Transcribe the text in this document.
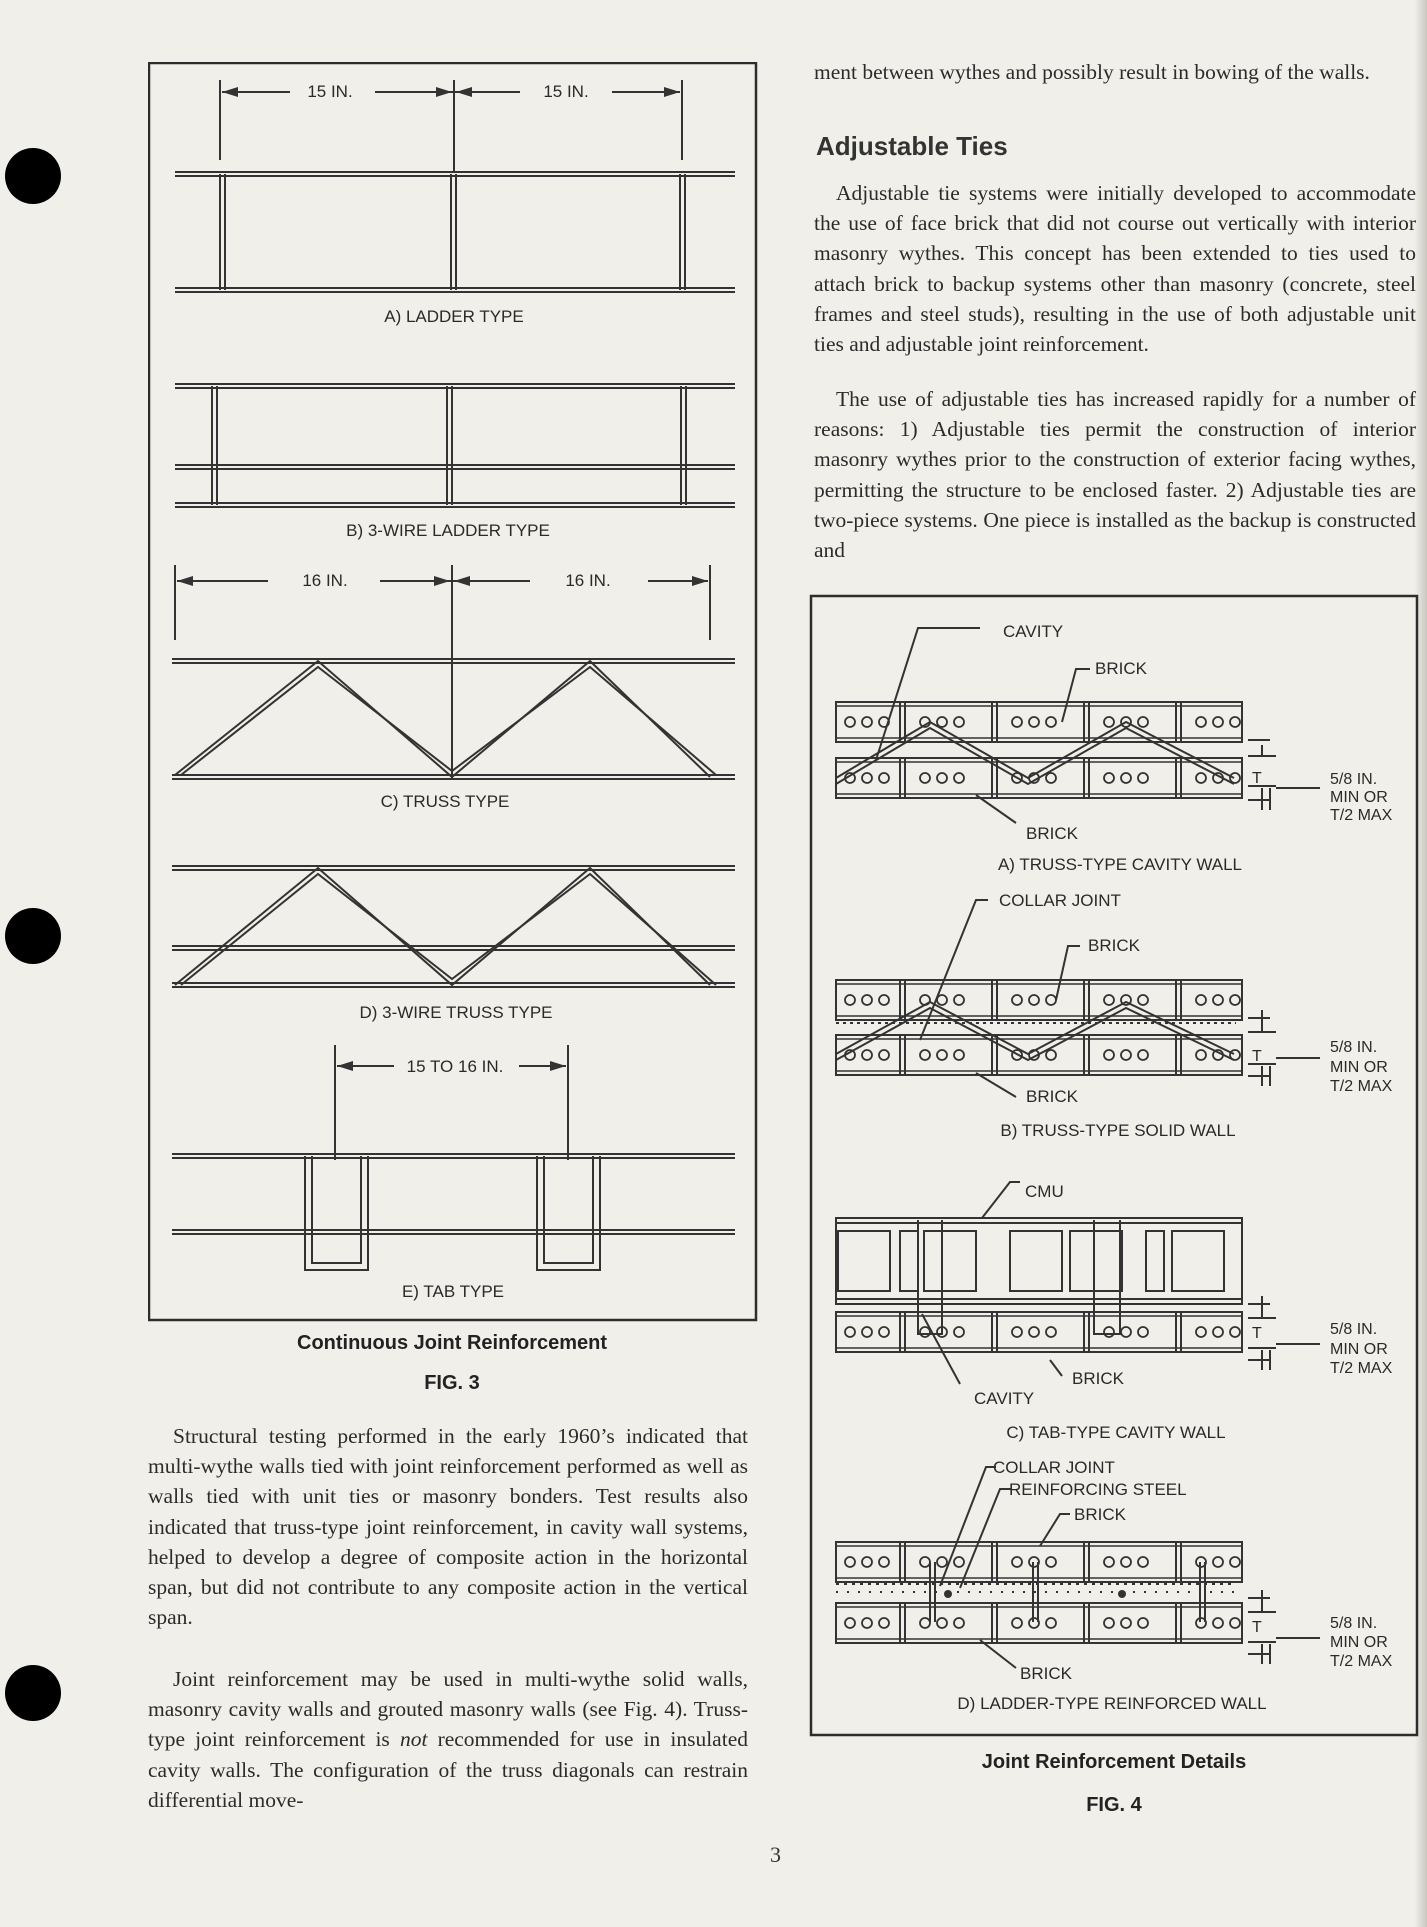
15 IN.	15 IN.
A) LADDER TYPE
B) 3-WIRE LADDER TYPE
16 IN.	16 IN.
C) TRUSS TYPE
D) 3-WIRE TRUSS TYPE
15 TO 16 IN.
E) TAB TYPE
Continuous Joint Reinforcement
FIG. 3

Structural testing performed in the early 1960’s indicated that multi-wythe walls tied with joint reinforcement performed as well as walls tied with unit ties or masonry bonders. Test results also indicated that truss-type joint reinforcement, in cavity wall systems, helped to develop a degree of composite action in the horizontal span, but did not contribute to any composite action in the vertical span.

Joint reinforcement may be used in multi-wythe solid walls, masonry cavity walls and grouted masonry walls (see Fig. 4). Truss-type joint reinforcement is not recommended for use in insulated cavity walls. The configuration of the truss diagonals can restrain differential move-

ment between wythes and possibly result in bowing of the walls.

Adjustable Ties

Adjustable tie systems were initially developed to accommodate the use of face brick that did not course out vertically with interior masonry wythes. This concept has been extended to ties used to attach brick to backup systems other than masonry (concrete, steel frames and steel studs), resulting in the use of both adjustable unit ties and adjustable joint reinforcement.

The use of adjustable ties has increased rapidly for a number of reasons: 1) Adjustable ties permit the construction of interior masonry wythes prior to the construction of exterior facing wythes, permitting the structure to be enclosed faster. 2) Adjustable ties are two-piece systems. One piece is installed as the backup is constructed and

CAVITY
BRICK
BRICK
T	5/8 IN.
MIN OR
T/2 MAX
A) TRUSS-TYPE CAVITY WALL
COLLAR JOINT
BRICK
BRICK
T
5/8 IN.
MIN OR
T/2 MAX
B) TRUSS-TYPE SOLID WALL
CMU
BRICK
CAVITY
T	5/8 IN.
MIN OR
T/2 MAX
C) TAB-TYPE CAVITY WALL
COLLAR JOINT
REINFORCING STEEL
BRICK
BRICK
T	5/8 IN.
MIN OR
T/2 MAX
D) LADDER-TYPE REINFORCED WALL
Joint Reinforcement Details
FIG. 4
3
